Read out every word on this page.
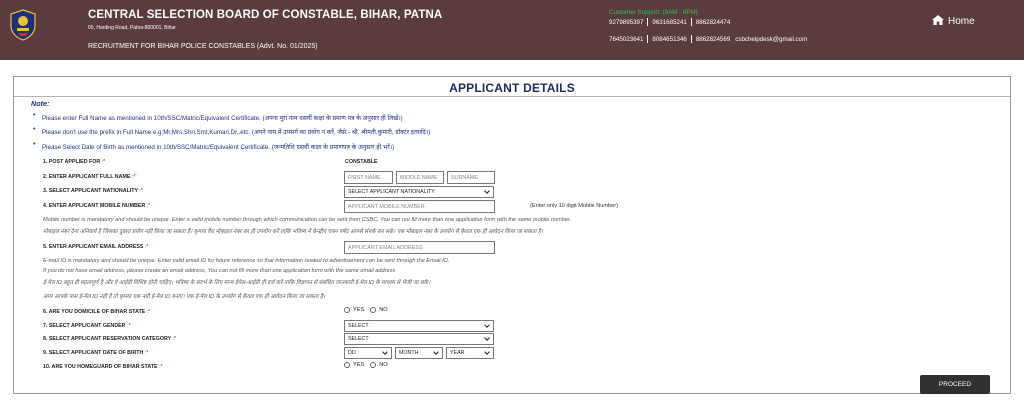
CENTRAL SELECTION BOARD OF CONSTABLE, BIHAR, PATNA
05, Harding Road, Patna-800001, Bihar
RECRUITMENT FOR BIHAR POLICE CONSTABLES (Advt. No. 01/2025)
Customer Support: (8AM - 8PM)
9279895397 9631685241 8862824474
7645023641 8084651346 8862824569 csbchelpdesk@gmail.com
Home
APPLICANT DETAILS
Note:
• Please enter Full Name as mentioned in 10th/SSC/Matric/Equivalent Certificate. (अपना पूरा नाम दसवीं कक्षा के प्रमाण पत्र के अनुसार ही लिखें।)
• Please don't use the prefix in Full Name e.g:Mr,Mrs,Shri,Smt,Kumari,Dr.,etc. (अपने नाम में उपसर्ग का प्रयोग न करें, जैसे:- श्री, श्रीमती,कुमारी, डॉक्टर इत्यादि।)
• Please Select Date of Birth as mentioned in 10th/SSC/Matric/Equivalent Certificate. (जन्मतिथि दसवीं कक्षा के प्रमाणपत्र के अनुसार ही भरें।)
1. POST APPLIED FOR :*	CONSTABLE
2. ENTER APPLICANT FULL NAME :*
FIRST NAME
MIDDLE NAME
SURNAME
3. SELECT APPLICANT NATIONALITY :*	SELECT APPLICANT NATIONALITY
4. ENTER APPLICANT MOBILE NUMBER :*
APPLICANT MOBILE NUMBER	(Enter only 10 digit Mobile Number)
Mobile number is mandatory and should be unique. Enter a valid mobile number through which communication can be sent from CSBC. You can not fill more than one application form with the same mobile number.
मोबाइल नंबर देना अनिवार्य है जिसका दुबारा प्रयोग नहीं किया जा सकता है। कृपया वैध मोबाइल नंबर का ही उपयोग करें ताकि भविष्य में केन्द्रीय चयन पर्षद आपसे संपर्क कर सके। एक मोबाइल नंबर के उपयोग से केवल एक ही आवेदन किया जा सकता है।
5. ENTER APPLICANT EMAIL ADDRESS :*
APPLICANT EMAIL ADDRESS
E-mail ID is mandatory and should be unique. Enter valid email ID for future reference so that information related to advertisement can be sent through the Email-ID.
If you do not have email address, please create an email address, You can not fill more than one application form with the same email address
ई-मेल ID बहुत ही महत्वपूर्ण है और ये आईडी विशिष्ट होनी चाहिए। भविष्य के संदर्भ के लिए मान्य ईमेल-आईडी ही दर्ज करें ताकि विज्ञापन से संबंधित जानकारी ई-मेल ID के माध्यम से भेजी जा सके।
अगर आपके पास ई-मेल ID नहीं है तो कृपया एक नयी ई-मेल ID बनाएं। एक ई-मेल ID के उपयोग से केवल एक ही आवेदन किया जा सकता है।
6. ARE YOU DOMICILE OF BIHAR STATE :*	YES	NO
7. SELECT APPLICANT GENDER :*	SELECT
8. SELECT APPLICANT RESERVATION CATEGORY :*	SELECT
9. SELECT APPLICANT DATE OF BIRTH :*	DD	MONTH	YEAR
10. ARE YOU HOMEGUARD OF BIHAR STATE :*	YES	NO
PROCEED
